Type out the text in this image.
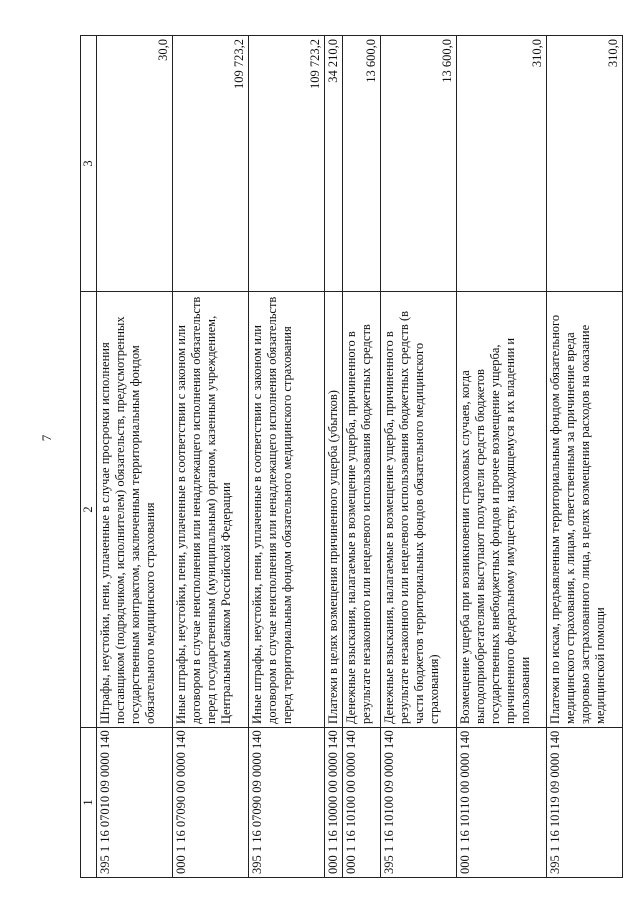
7
1	2	3
395 1 16 07010 09 0000 140	Штрафы, неустойки, пени, уплаченные в случае просрочки исполнения поставщиком (подрядчиком, исполнителем) обязательств, предусмотренных государственным контрактом, заключенным территориальным фондом обязательного медицинского страхования	30,0
000 1 16 07090 00 0000 140	Иные штрафы, неустойки, пени, уплаченные в соответствии с законом или договором в случае неисполнения или ненадлежащего исполнения обязательств перед государственным (муниципальным) органом, казенным учреждением, Центральным банком Российской Федерации	109 723,2
395 1 16 07090 09 0000 140	Иные штрафы, неустойки, пени, уплаченные в соответствии с законом или договором в случае неисполнения или ненадлежащего исполнения обязательств перед территориальным фондом обязательного медицинского страхования	109 723,2
000 1 16 10000 00 0000 140	Платежи в целях возмещения причиненного ущерба (убытков)	34 210,0
000 1 16 10100 00 0000 140	Денежные взыскания, налагаемые в возмещение ущерба, причиненного в результате незаконного или нецелевого использования бюджетных средств	13 600,0
395 1 16 10100 09 0000 140	Денежные взыскания, налагаемые в возмещение ущерба, причиненного в результате незаконного или нецелевого использования бюджетных средств (в части бюджетов территориальных фондов обязательного медицинского страхования)	13 600,0
000 1 16 10110 00 0000 140	Возмещение ущерба при возникновении страховых случаев, когда выгодоприобретателями выступают получатели средств бюджетов государственных внебюджетных фондов и прочее возмещение ущерба, причиненного федеральному имуществу, находящемуся в их владении и пользовании	310,0
395 1 16 10119 09 0000 140	Платежи по искам, предъявленным территориальным фондом обязательного медицинского страхования, к лицам, ответственным за причинение вреда здоровью застрахованного лица, в целях возмещения расходов на оказание медицинской помощи	310,0
